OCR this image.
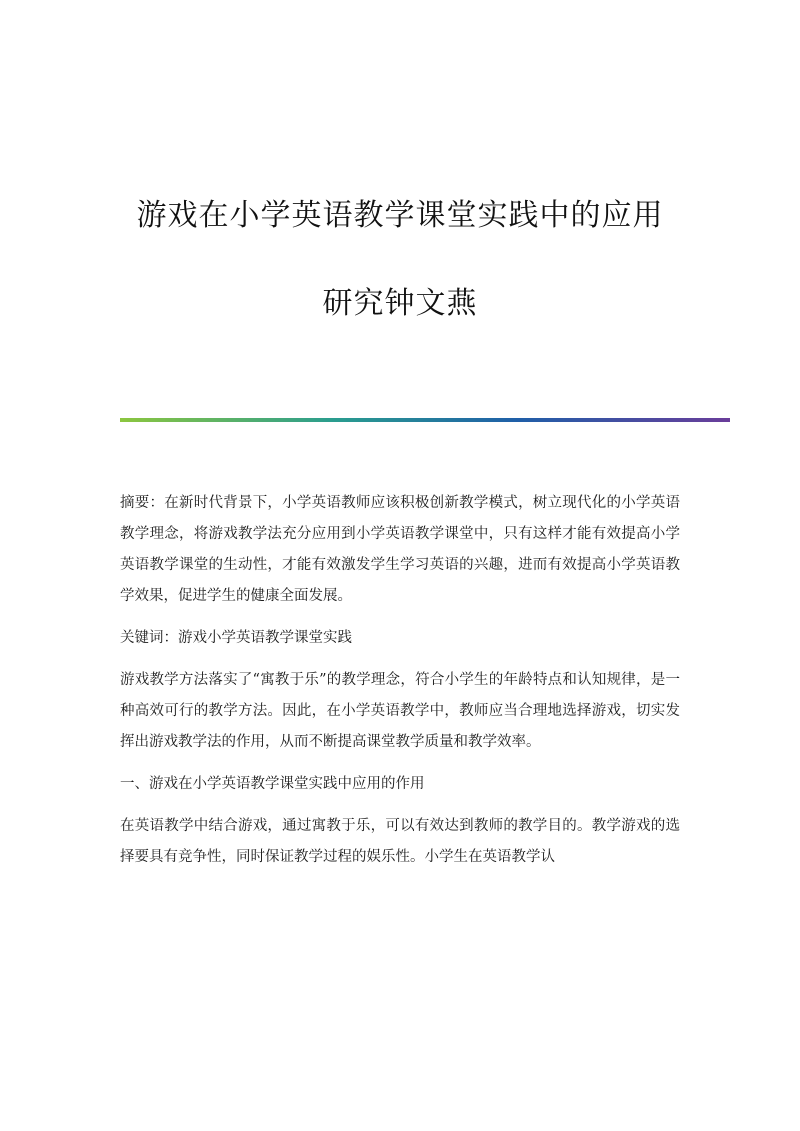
游戏在小学英语教学课堂实践中的应用
研究钟文燕

摘要：在新时代背景下，小学英语教师应该积极创新教学模式，树立现代化的小学英语教学理念，将游戏教学法充分应用到小学英语教学课堂中，只有这样才能有效提高小学英语教学课堂的生动性，才能有效激发学生学习英语的兴趣，进而有效提高小学英语教学效果，促进学生的健康全面发展。

关键词：游戏小学英语教学课堂实践

游戏教学方法落实了“寓教于乐”的教学理念，符合小学生的年龄特点和认知规律，是一种高效可行的教学方法。因此，在小学英语教学中，教师应当合理地选择游戏，切实发挥出游戏教学法的作用，从而不断提高课堂教学质量和教学效率。

一、游戏在小学英语教学课堂实践中应用的作用

在英语教学中结合游戏，通过寓教于乐，可以有效达到教师的教学目的。教学游戏的选择要具有竞争性，同时保证教学过程的娱乐性。小学生在英语教学认
